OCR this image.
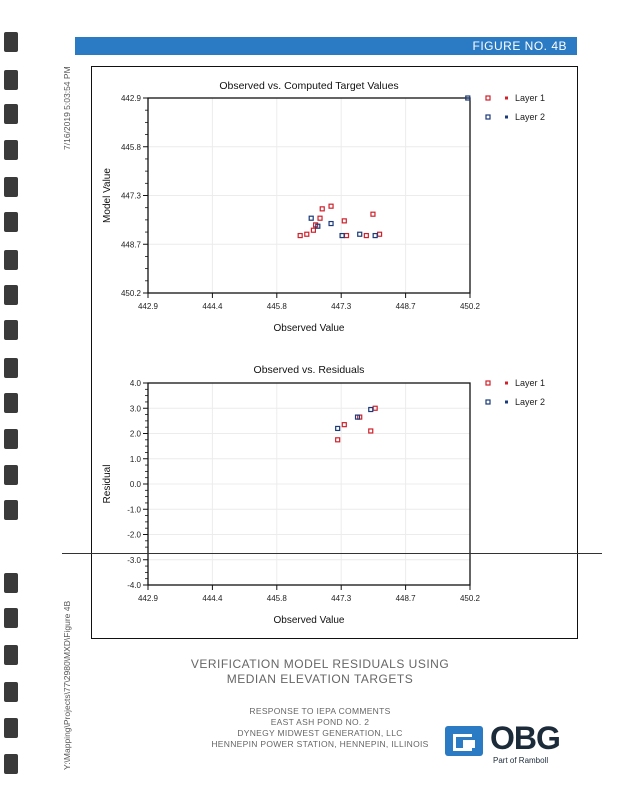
7/16/2019 5:03:54 PM
Y:\Mapping\Projects\77\2980\MXD\Figure 4B
FIGURE NO. 4B
Observed vs. Computed Target Values
442.9	444.4	445.8	447.3	448.7	450.2
442.9
445.8
447.3
448.7
450.2
Observed Value
Model Value
Layer 1
Layer 2
Observed vs. Residuals
442.9	444.4	445.8	447.3	448.7	450.2
4.0
3.0
2.0
1.0
0.0
-1.0
-2.0
-3.0
-4.0
Observed Value
Residual
Layer 1
Layer 2
VERIFICATION MODEL RESIDUALS USING
MEDIAN ELEVATION TARGETS
RESPONSE TO IEPA COMMENTS
EAST ASH POND NO. 2
DYNEGY MIDWEST GENERATION, LLC
HENNEPIN POWER STATION, HENNEPIN, ILLINOIS	OBG
Part of Ramboll
